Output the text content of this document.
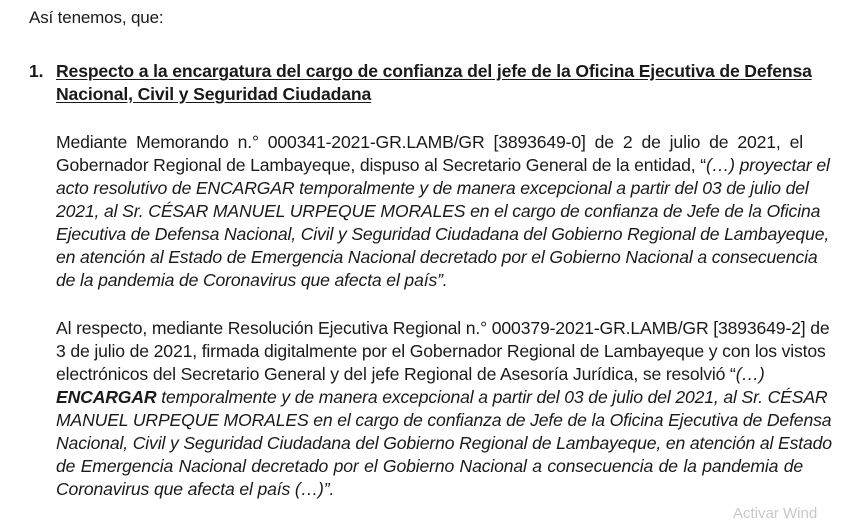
Así tenemos, que:
1. Respecto a la encargatura del cargo de confianza del jefe de la Oficina Ejecutiva de Defensa
Nacional, Civil y Seguridad Ciudadana
Mediante Memorando n.° 000341-2021-GR.LAMB/GR [3893649-0] de 2 de julio de 2021, el
Gobernador Regional de Lambayeque, dispuso al Secretario General de la entidad, “(…) proyectar el
acto resolutivo de ENCARGAR temporalmente y de manera excepcional a partir del 03 de julio del
2021, al Sr. CÉSAR MANUEL URPEQUE MORALES en el cargo de confianza de Jefe de la Oficina
Ejecutiva de Defensa Nacional, Civil y Seguridad Ciudadana del Gobierno Regional de Lambayeque,
en atención al Estado de Emergencia Nacional decretado por el Gobierno Nacional a consecuencia
de la pandemia de Coronavirus que afecta el país”.
Al respecto, mediante Resolución Ejecutiva Regional n.° 000379-2021-GR.LAMB/GR [3893649-2] de
3 de julio de 2021, firmada digitalmente por el Gobernador Regional de Lambayeque y con los vistos
electrónicos del Secretario General y del jefe Regional de Asesoría Jurídica, se resolvió “(…)
ENCARGAR temporalmente y de manera excepcional a partir del 03 de julio del 2021, al Sr. CÉSAR
MANUEL URPEQUE MORALES en el cargo de confianza de Jefe de la Oficina Ejecutiva de Defensa
Nacional, Civil y Seguridad Ciudadana del Gobierno Regional de Lambayeque, en atención al Estado
de Emergencia Nacional decretado por el Gobierno Nacional a consecuencia de la pandemia de
Coronavirus que afecta el país (…)”.
Activar Wind
